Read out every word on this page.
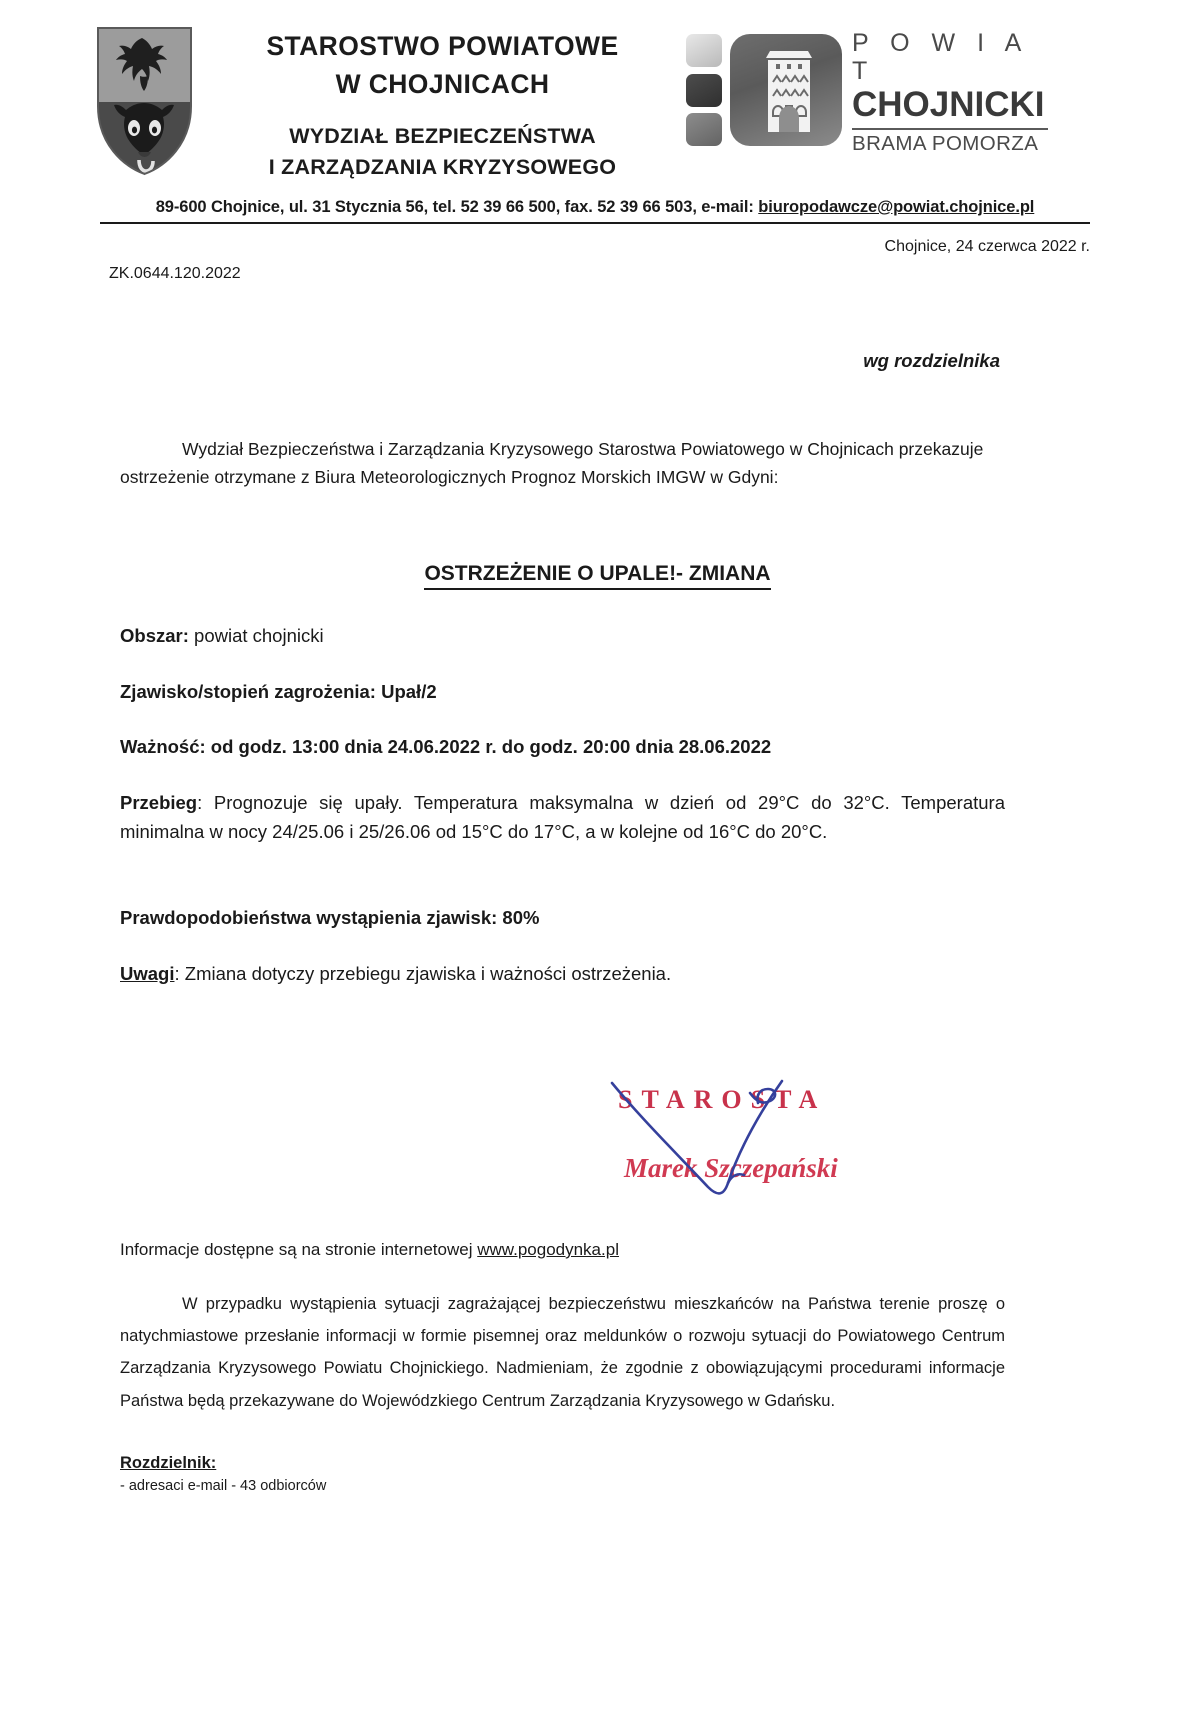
STAROSTWO POWIATOWE
W CHOJNICACH
WYDZIAŁ BEZPIECZEŃSTWA
I ZARZĄDZANIA KRYZYSOWEGO
P O W I A T
CHOJNICKI
BRAMA POMORZA
89-600 Chojnice, ul. 31 Stycznia 56, tel. 52 39 66 500, fax. 52 39 66 503, e-mail: biuropodawcze@powiat.chojnice.pl
Chojnice, 24 czerwca 2022 r.
ZK.0644.120.2022
wg rozdzielnika
Wydział Bezpieczeństwa i Zarządzania Kryzysowego Starostwa Powiatowego w Chojnicach przekazuje ostrzeżenie otrzymane z Biura Meteorologicznych Prognoz Morskich IMGW w Gdyni:
OSTRZEŻENIE O UPALE!- ZMIANA
Obszar: powiat chojnicki
Zjawisko/stopień zagrożenia: Upał/2
Ważność: od godz. 13:00 dnia 24.06.2022 r. do godz. 20:00 dnia 28.06.2022
Przebieg: Prognozuje się upały. Temperatura maksymalna w dzień od 29°C do 32°C. Temperatura minimalna w nocy 24/25.06 i 25/26.06 od 15°C do 17°C, a w kolejne od 16°C do 20°C.
Prawdopodobieństwa wystąpienia zjawisk: 80%
Uwagi: Zmiana dotyczy przebiegu zjawiska i ważności ostrzeżenia.
STAROSTA
Marek Szczepański
Informacje dostępne są na stronie internetowej www.pogodynka.pl
W przypadku wystąpienia sytuacji zagrażającej bezpieczeństwu mieszkańców na Państwa terenie proszę o natychmiastowe przesłanie informacji w formie pisemnej oraz meldunków o rozwoju sytuacji do Powiatowego Centrum Zarządzania Kryzysowego Powiatu Chojnickiego. Nadmieniam, że zgodnie z obowiązującymi procedurami informacje Państwa będą przekazywane do Wojewódzkiego Centrum Zarządzania Kryzysowego w Gdańsku.
Rozdzielnik:
- adresaci e-mail - 43 odbiorców
